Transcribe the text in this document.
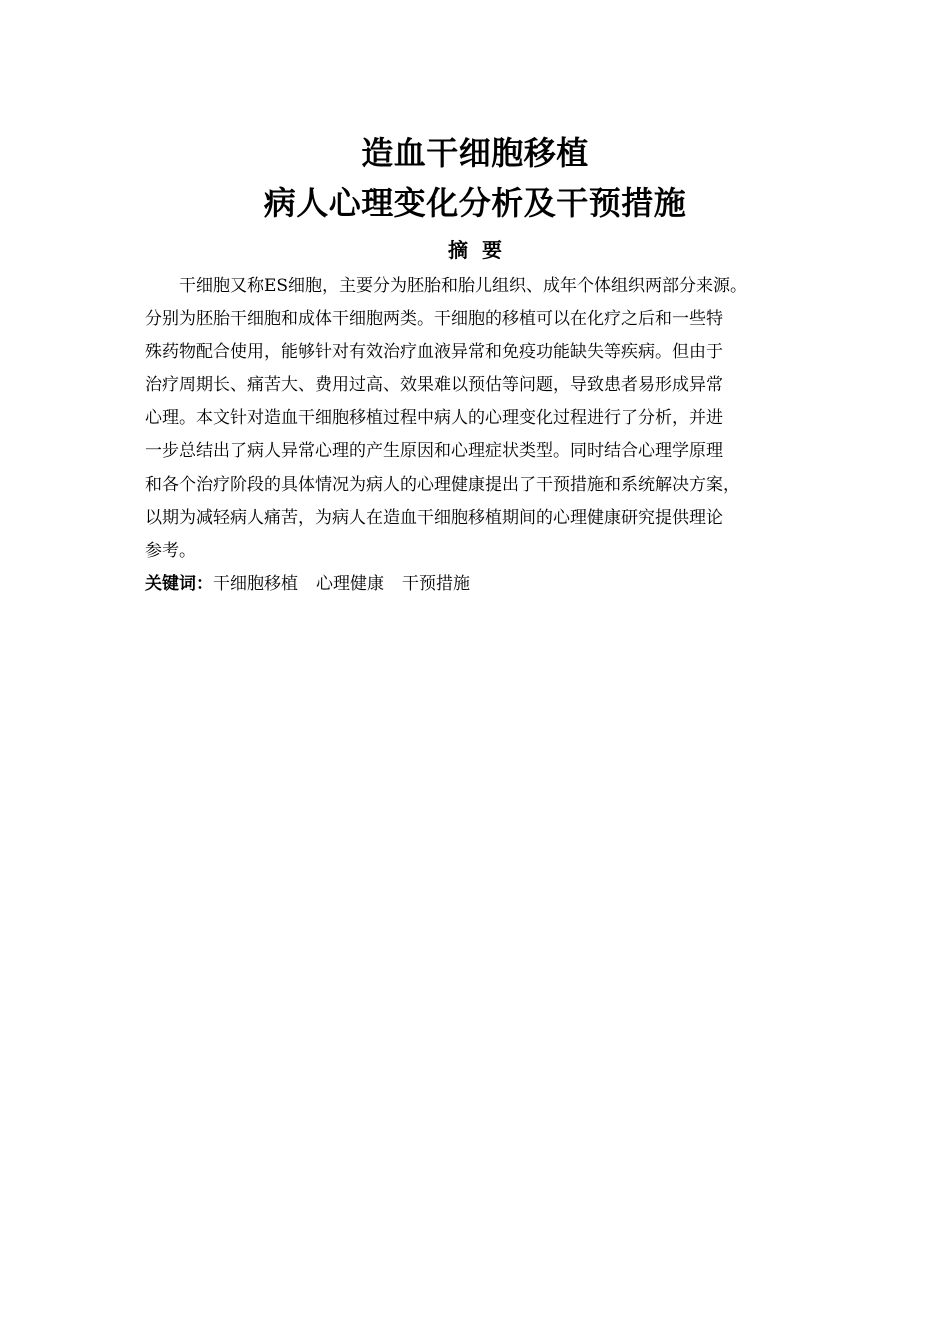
造血干细胞移植
病人心理变化分析及干预措施
摘要
干细胞又称ES细胞，主要分为胚胎和胎儿组织、成年个体组织两部分来源。
分别为胚胎干细胞和成体干细胞两类。干细胞的移植可以在化疗之后和一些特
殊药物配合使用，能够针对有效治疗血液异常和免疫功能缺失等疾病。但由于
治疗周期长、痛苦大、费用过高、效果难以预估等问题，导致患者易形成异常
心理。本文针对造血干细胞移植过程中病人的心理变化过程进行了分析，并进
一步总结出了病人异常心理的产生原因和心理症状类型。同时结合心理学原理
和各个治疗阶段的具体情况为病人的心理健康提出了干预措施和系统解决方案，
以期为减轻病人痛苦，为病人在造血干细胞移植期间的心理健康研究提供理论
参考。

关键词：干细胞移植 心理健康 干预措施
